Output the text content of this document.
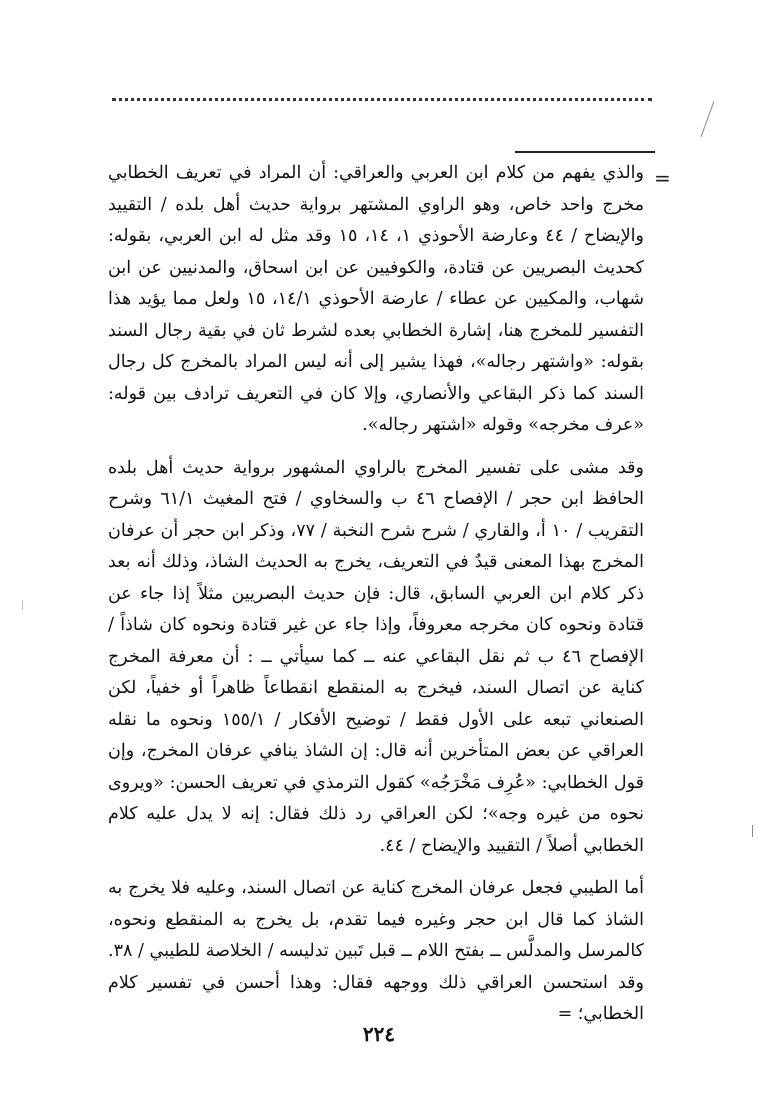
=

والذي يفهم من كلام ابن العربي والعراقي: أن المراد في تعريف الخطابي مخرج واحد خاص، وهو الراوي المشتهر برواية حديث أهل بلده / التقييد والإيضاح / ٤٤ وعارضة الأحوذي ١، ١٤، ١٥ وقد مثل له ابن العربي، بقوله: كحديث البصريين عن قتادة، والكوفيين عن ابن اسحاق، والمدنيين عن ابن شهاب، والمكيين عن عطاء / عارضة الأحوذي ١٤/١، ١٥ ولعل مما يؤيد هذا التفسير للمخرج هنا، إشارة الخطابي بعده لشرط ثان في بقية رجال السند بقوله: «واشتهر رجاله»، فهذا يشير إلى أنه ليس المراد بالمخرج كل رجال السند كما ذكر البقاعي والأنصاري، وإلا كان في التعريف ترادف بين قوله: «عرف مخرجه» وقوله «اشتهر رجاله».

وقد مشى على تفسير المخرج بالراوي المشهور برواية حديث أهل بلده الحافظ ابن حجر / الإفصاح ٤٦ ب والسخاوي / فتح المغيث ٦١/١ وشرح التقريب / ١٠ أ، والقاري / شرح شرح النخبة / ٧٧، وذكر ابن حجر أن عرفان المخرج بهذا المعنى قيدٌ في التعريف، يخرج به الحديث الشاذ، وذلك أنه بعد ذكر كلام ابن العربي السابق، قال: فإن حديث البصريين مثلاً إذا جاء عن قتادة ونحوه كان مخرجه معروفاً، وإذا جاء عن غير قتادة ونحوه كان شاذاً / الإفصاح ٤٦ ب ثم نقل البقاعي عنه ــ كما سيأتي ــ : أن معرفة المخرج كناية عن اتصال السند، فيخرج به المنقطع انقطاعاً ظاهراً أو خفياً، لكن الصنعاني تبعه على الأول فقط / توضيح الأفكار / ١٥٥/١ ونحوه ما نقله العراقي عن بعض المتأخرين أنه قال: إن الشاذ ينافي عرفان المخرج، وإن قول الخطابي: «عُرِف مَخْرَجُه» كقول الترمذي في تعريف الحسن: «ويروى نحوه من غيره وجه»؛ لكن العراقي رد ذلك فقال: إنه لا يدل عليه كلام الخطابي أصلاً / التقييد والإيضاح / ٤٤.

أما الطيبي فجعل عرفان المخرج كناية عن اتصال السند، وعليه فلا يخرج به الشاذ كما قال ابن حجر وغيره فيما تقدم، بل يخرج به المنقطع ونحوه، كالمرسل والمدلَّس ــ بفتح اللام ــ قبل تَبين تدليسه / الخلاصة للطيبي / ٣٨. وقد استحسن العراقي ذلك ووجهه فقال: وهذا أحسن في تفسير كلام الخطابي؛ =

٢٢٤
